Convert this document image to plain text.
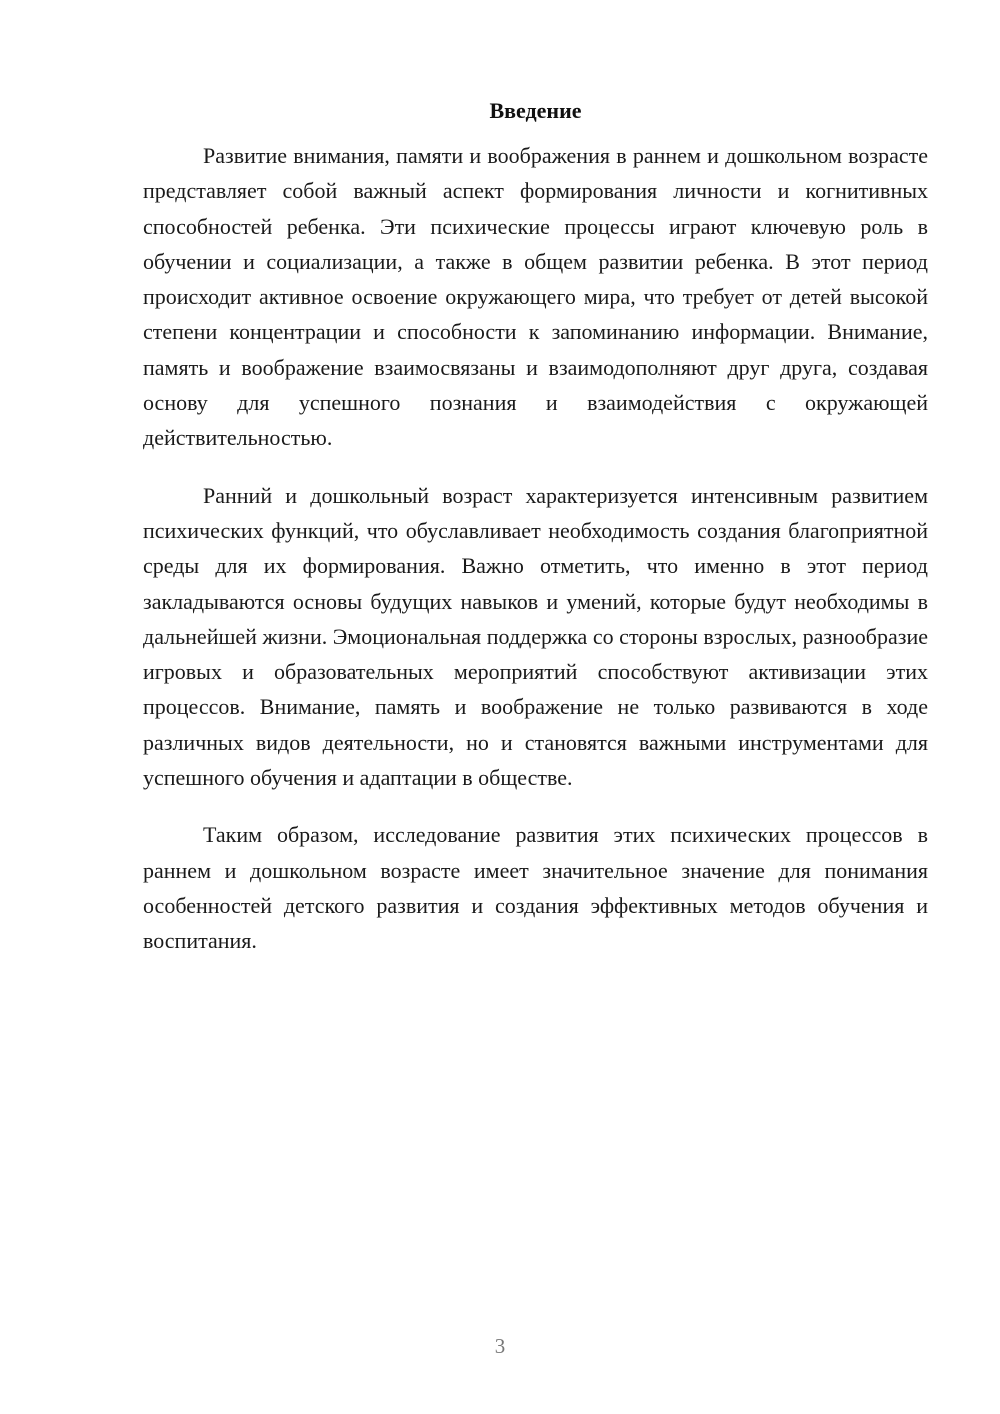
Введение

Развитие внимания, памяти и воображения в раннем и дошкольном возрасте представляет собой важный аспект формирования личности и когнитивных способностей ребенка. Эти психические процессы играют ключевую роль в обучении и социализации, а также в общем развитии ребенка. В этот период происходит активное освоение окружающего мира, что требует от детей высокой степени концентрации и способности к запоминанию информации. Внимание, память и воображение взаимосвязаны и взаимодополняют друг друга, создавая основу для успешного познания и взаимодействия с окружающей действительностью.

Ранний и дошкольный возраст характеризуется интенсивным развитием психических функций, что обуславливает необходимость создания благоприятной среды для их формирования. Важно отметить, что именно в этот период закладываются основы будущих навыков и умений, которые будут необходимы в дальнейшей жизни. Эмоциональная поддержка со стороны взрослых, разнообразие игровых и образовательных мероприятий способствуют активизации этих процессов. Внимание, память и воображение не только развиваются в ходе различных видов деятельности, но и становятся важными инструментами для успешного обучения и адаптации в обществе.

Таким образом, исследование развития этих психических процессов в раннем и дошкольном возрасте имеет значительное значение для понимания особенностей детского развития и создания эффективных методов обучения и воспитания.

3
